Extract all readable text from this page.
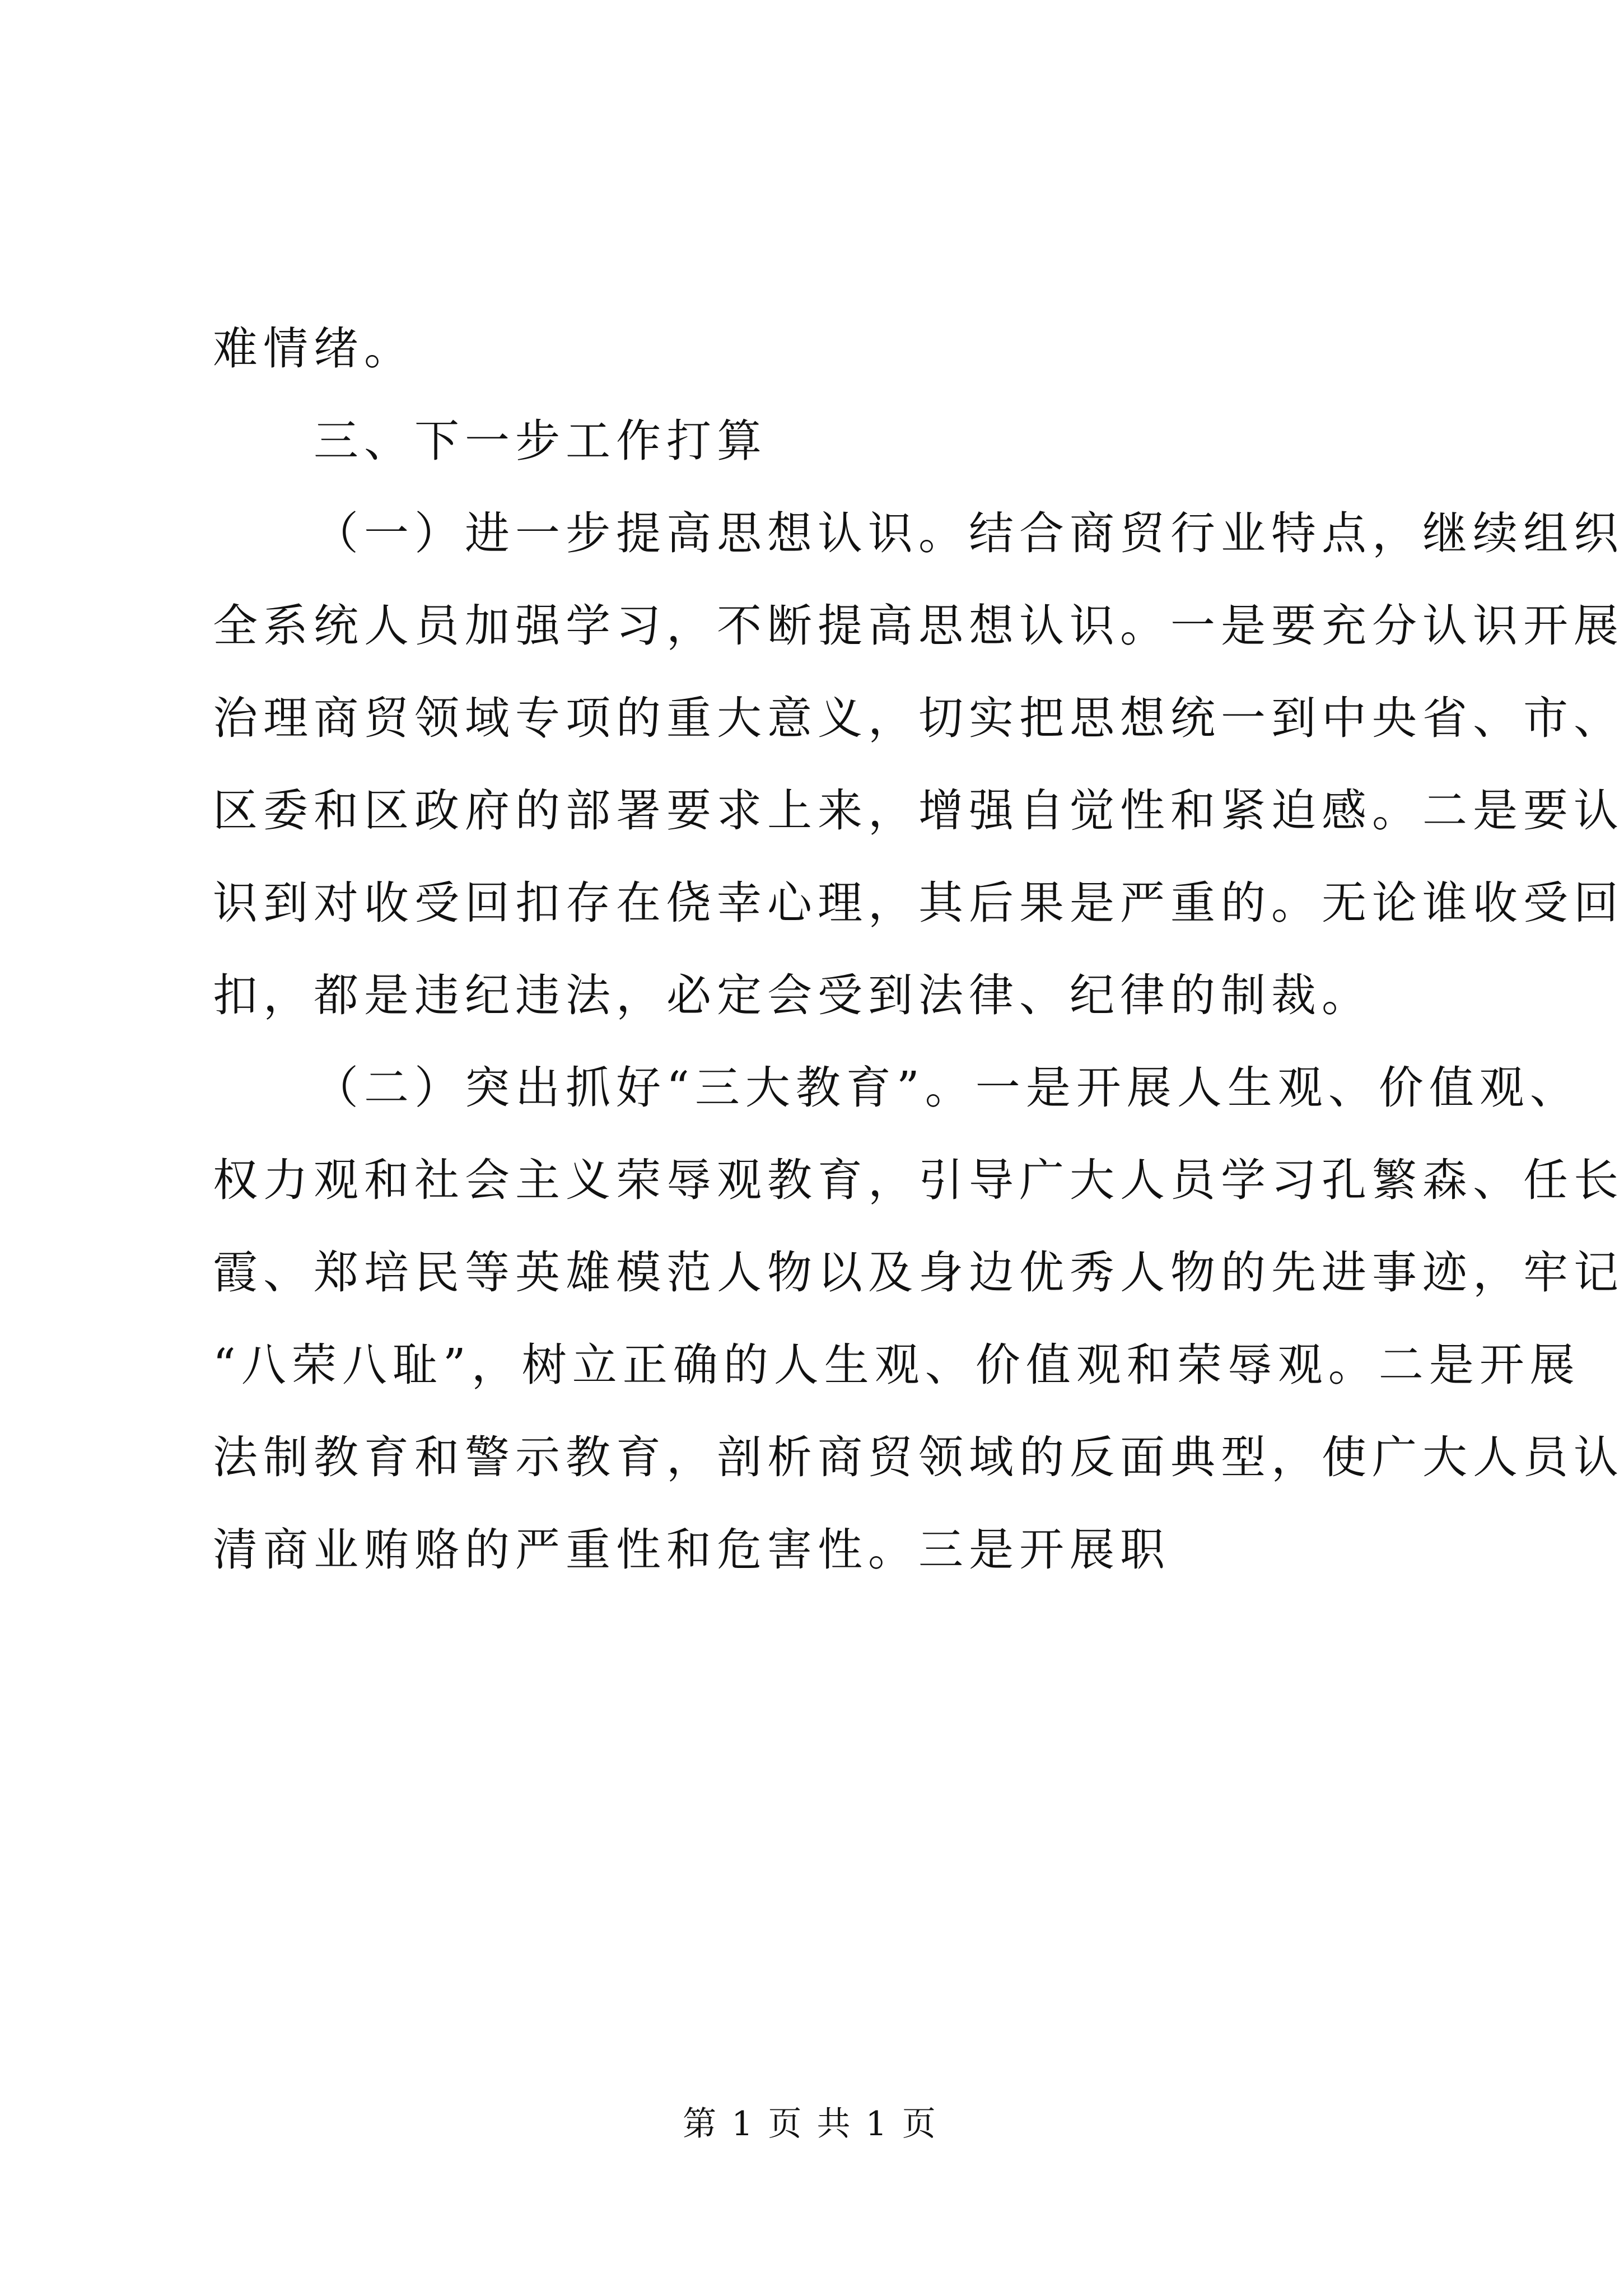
难情绪。
三、下一步工作打算
（一）进一步提高思想认识。结合商贸行业特点，继续组织
全系统人员加强学习，不断提高思想认识。一是要充分认识开展
治理商贸领域专项的重大意义，切实把思想统一到中央省、市、
区委和区政府的部署要求上来，增强自觉性和紧迫感。二是要认
识到对收受回扣存在侥幸心理，其后果是严重的。无论谁收受回
扣，都是违纪违法，必定会受到法律、纪律的制裁。
（二）突出抓好“三大教育”。一是开展人生观、价值观、
权力观和社会主义荣辱观教育，引导广大人员学习孔繁森、任长
霞、郑培民等英雄模范人物以及身边优秀人物的先进事迹，牢记
“八荣八耻”，树立正确的人生观、价值观和荣辱观。二是开展
法制教育和警示教育，剖析商贸领域的反面典型，使广大人员认
清商业贿赂的严重性和危害性。三是开展职
第 1 页 共 1 页
